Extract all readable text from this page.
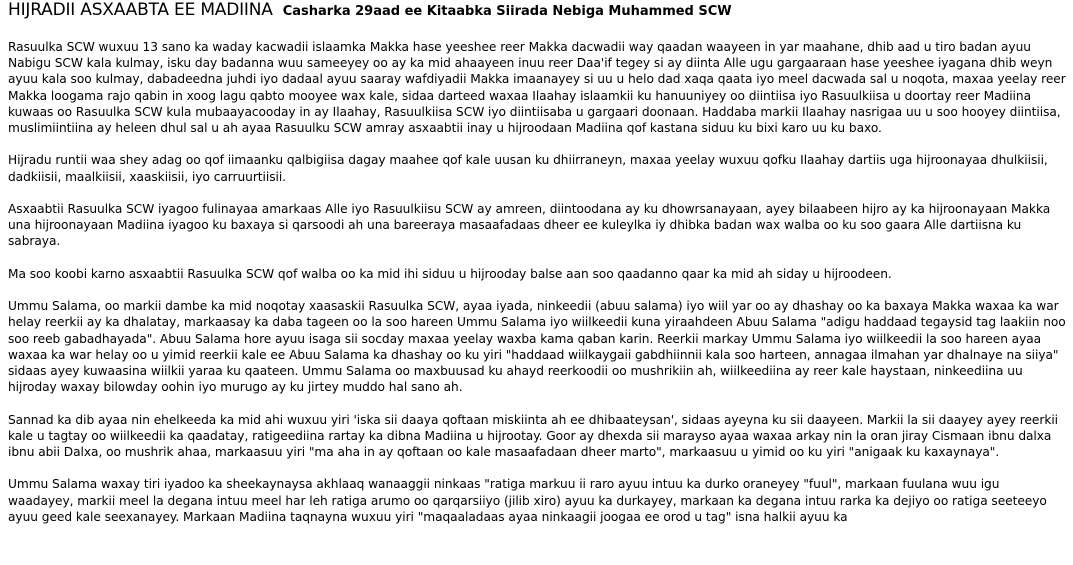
HIJRADII ASXAABTA EE MADIINA Casharka 29aad ee Kitaabka Siirada Nebiga Muhammed SCW

Rasuulka SCW wuxuu 13 sano ka waday kacwadii islaamka Makka hase yeeshee reer Makka dacwadii way qaadan waayeen in yar maahane, dhib aad u tiro badan ayuu Nabigu SCW kala kulmay, isku day badanna wuu sameeyey oo ay ka mid ahaayeen inuu reer Daa'if tegey si ay diinta Alle ugu gargaaraan hase yeeshee iyagana dhib weyn ayuu kala soo kulmay, dabadeedna juhdi iyo dadaal ayuu saaray wafdiyadii Makka imaanayey si uu u helo dad xaqa qaata iyo meel dacwada sal u noqota, maxaa yeelay reer Makka loogama rajo qabin in xoog lagu qabto mooyee wax kale, sidaa darteed waxaa Ilaahay islaamkii ku hanuuniyey oo diintiisa iyo Rasuulkiisa u doortay reer Madiina kuwaas oo Rasuulka SCW kula mubaayacooday in ay Ilaahay, Rasuulkiisa SCW iyo diintiisaba u gargaari doonaan. Haddaba markii Ilaahay nasrigaa uu u soo hooyey diintiisa, muslimiintiina ay heleen dhul sal u ah ayaa Rasuulku SCW amray asxaabtii inay u hijroodaan Madiina qof kastana siduu ku bixi karo uu ku baxo.

Hijradu runtii waa shey adag oo qof iimaanku qalbigiisa dagay maahee qof kale uusan ku dhiirraneyn, maxaa yeelay wuxuu qofku Ilaahay dartiis uga hijroonayaa dhulkiisii, dadkiisii, maalkiisii, xaaskiisii, iyo carruurtiisii.

Asxaabtii Rasuulka SCW iyagoo fulinayaa amarkaas Alle iyo Rasuulkiisu SCW ay amreen, diintoodana ay ku dhowrsanayaan, ayey bilaabeen hijro ay ka hijroonayaan Makka una hijroonayaan Madiina iyagoo ku baxaya si qarsoodi ah una bareeraya masaafadaas dheer ee kuleylka iy dhibka badan wax walba oo ku soo gaara Alle dartiisna ku sabraya.

Ma soo koobi karno asxaabtii Rasuulka SCW qof walba oo ka mid ihi siduu u hijrooday balse aan soo qaadanno qaar ka mid ah siday u hijroodeen.

Ummu Salama, oo markii dambe ka mid noqotay xaasaskii Rasuulka SCW, ayaa iyada, ninkeedii (abuu salama) iyo wiil yar oo ay dhashay oo ka baxaya Makka waxaa ka war helay reerkii ay ka dhalatay, markaasay ka daba tageen oo la soo hareen Ummu Salama iyo wiilkeedii kuna yiraahdeen Abuu Salama "adigu haddaad tegaysid tag laakiin noo soo reeb gabadhayada". Abuu Salama hore ayuu isaga sii socday maxaa yeelay waxba kama qaban karin. Reerkii markay Ummu Salama iyo wiilkeedii la soo hareen ayaa waxaa ka war helay oo u yimid reerkii kale ee Abuu Salama ka dhashay oo ku yiri "haddaad wiilkaygaii gabdhiinnii kala soo harteen, annagaa ilmahan yar dhalnaye na siiya" sidaas ayey kuwaasina wiilkii yaraa ku qaateen. Ummu Salama oo maxbuusad ku ahayd reerkoodii oo mushrikiin ah, wiilkeediina ay reer kale haystaan, ninkeediina uu hijroday waxay bilowday oohin iyo murugo ay ku jirtey muddo hal sano ah.

Sannad ka dib ayaa nin ehelkeeda ka mid ahi wuxuu yiri 'iska sii daaya qoftaan miskiinta ah ee dhibaateysan', sidaas ayeyna ku sii daayeen. Markii la sii daayey ayey reerkii kale u tagtay oo wiilkeedii ka qaadatay, ratigeediina rartay ka dibna Madiina u hijrootay. Goor ay dhexda sii marayso ayaa waxaa arkay nin la oran jiray Cismaan ibnu dalxa ibnu abii Dalxa, oo mushrik ahaa, markaasuu yiri "ma aha in ay qoftaan oo kale masaafadaan dheer marto", markaasuu u yimid oo ku yiri "anigaak ku kaxaynaya".

Ummu Salama waxay tiri iyadoo ka sheekaynaysa akhlaaq wanaaggii ninkaas "ratiga markuu ii raro ayuu intuu ka durko oraneyey "fuul", markaan fuulana wuu igu waadayey, markii meel la degana intuu meel har leh ratiga arumo oo qarqarsiiyo (jilib xiro) ayuu ka durkayey, markaan ka degana intuu rarka ka dejiyo oo ratiga seeteeyo ayuu geed kale seexanayey. Markaan Madiina taqnayna wuxuu yiri "maqaaladaas ayaa ninkaagii joogaa ee orod u tag" isna halkii ayuu ka
